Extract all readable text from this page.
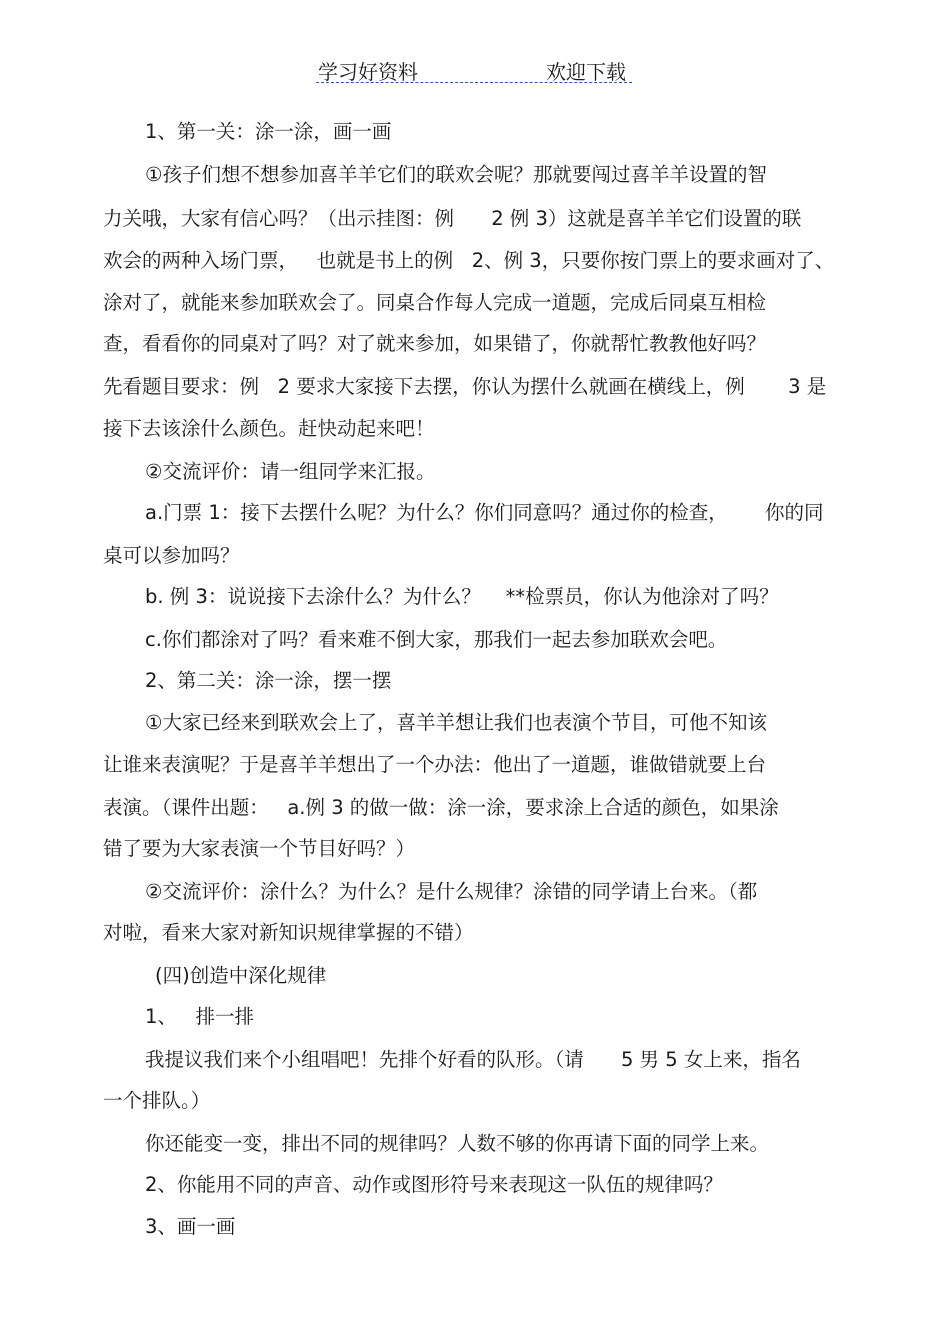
学习好资料	欢迎下载
1、第一关：涂一涂，画一画
①孩子们想不想参加喜羊羊它们的联欢会呢？那就要闯过喜羊羊设置的智
力关哦，大家有信心吗？（出示挂图：例      2 例 3）这就是喜羊羊它们设置的联
欢会的两种入场门票，   也就是书上的例   2、例 3，只要你按门票上的要求画对了、
涂对了，就能来参加联欢会了。同桌合作每人完成一道题，完成后同桌互相检
查，看看你的同桌对了吗？对了就来参加，如果错了，你就帮忙教教他好吗？
先看题目要求：例   2 要求大家接下去摆，你认为摆什么就画在横线上，例       3 是
接下去该涂什么颜色。赶快动起来吧！
②交流评价：请一组同学来汇报。
a.门票 1：接下去摆什么呢？为什么？你们同意吗？通过你的检查，      你的同
桌可以参加吗？
b. 例 3：说说接下去涂什么？为什么？    **检票员，你认为他涂对了吗？
c.你们都涂对了吗？看来难不倒大家，那我们一起去参加联欢会吧。
2、第二关：涂一涂，摆一摆
①大家已经来到联欢会上了，喜羊羊想让我们也表演个节目，可他不知该
让谁来表演呢？于是喜羊羊想出了一个办法：他出了一道题，谁做错就要上台
表演。（课件出题：   a.例 3 的做一做：涂一涂，要求涂上合适的颜色，如果涂
错了要为大家表演一个节目好吗？）
②交流评价：涂什么？为什么？是什么规律？涂错的同学请上台来。（都
对啦，看来大家对新知识规律掌握的不错）
(四)创造中深化规律
1、   排一排
我提议我们来个小组唱吧！先排个好看的队形。（请      5 男 5 女上来，指名
一个排队。）
你还能变一变，排出不同的规律吗？人数不够的你再请下面的同学上来。
2、你能用不同的声音、动作或图形符号来表现这一队伍的规律吗？
3、画一画
